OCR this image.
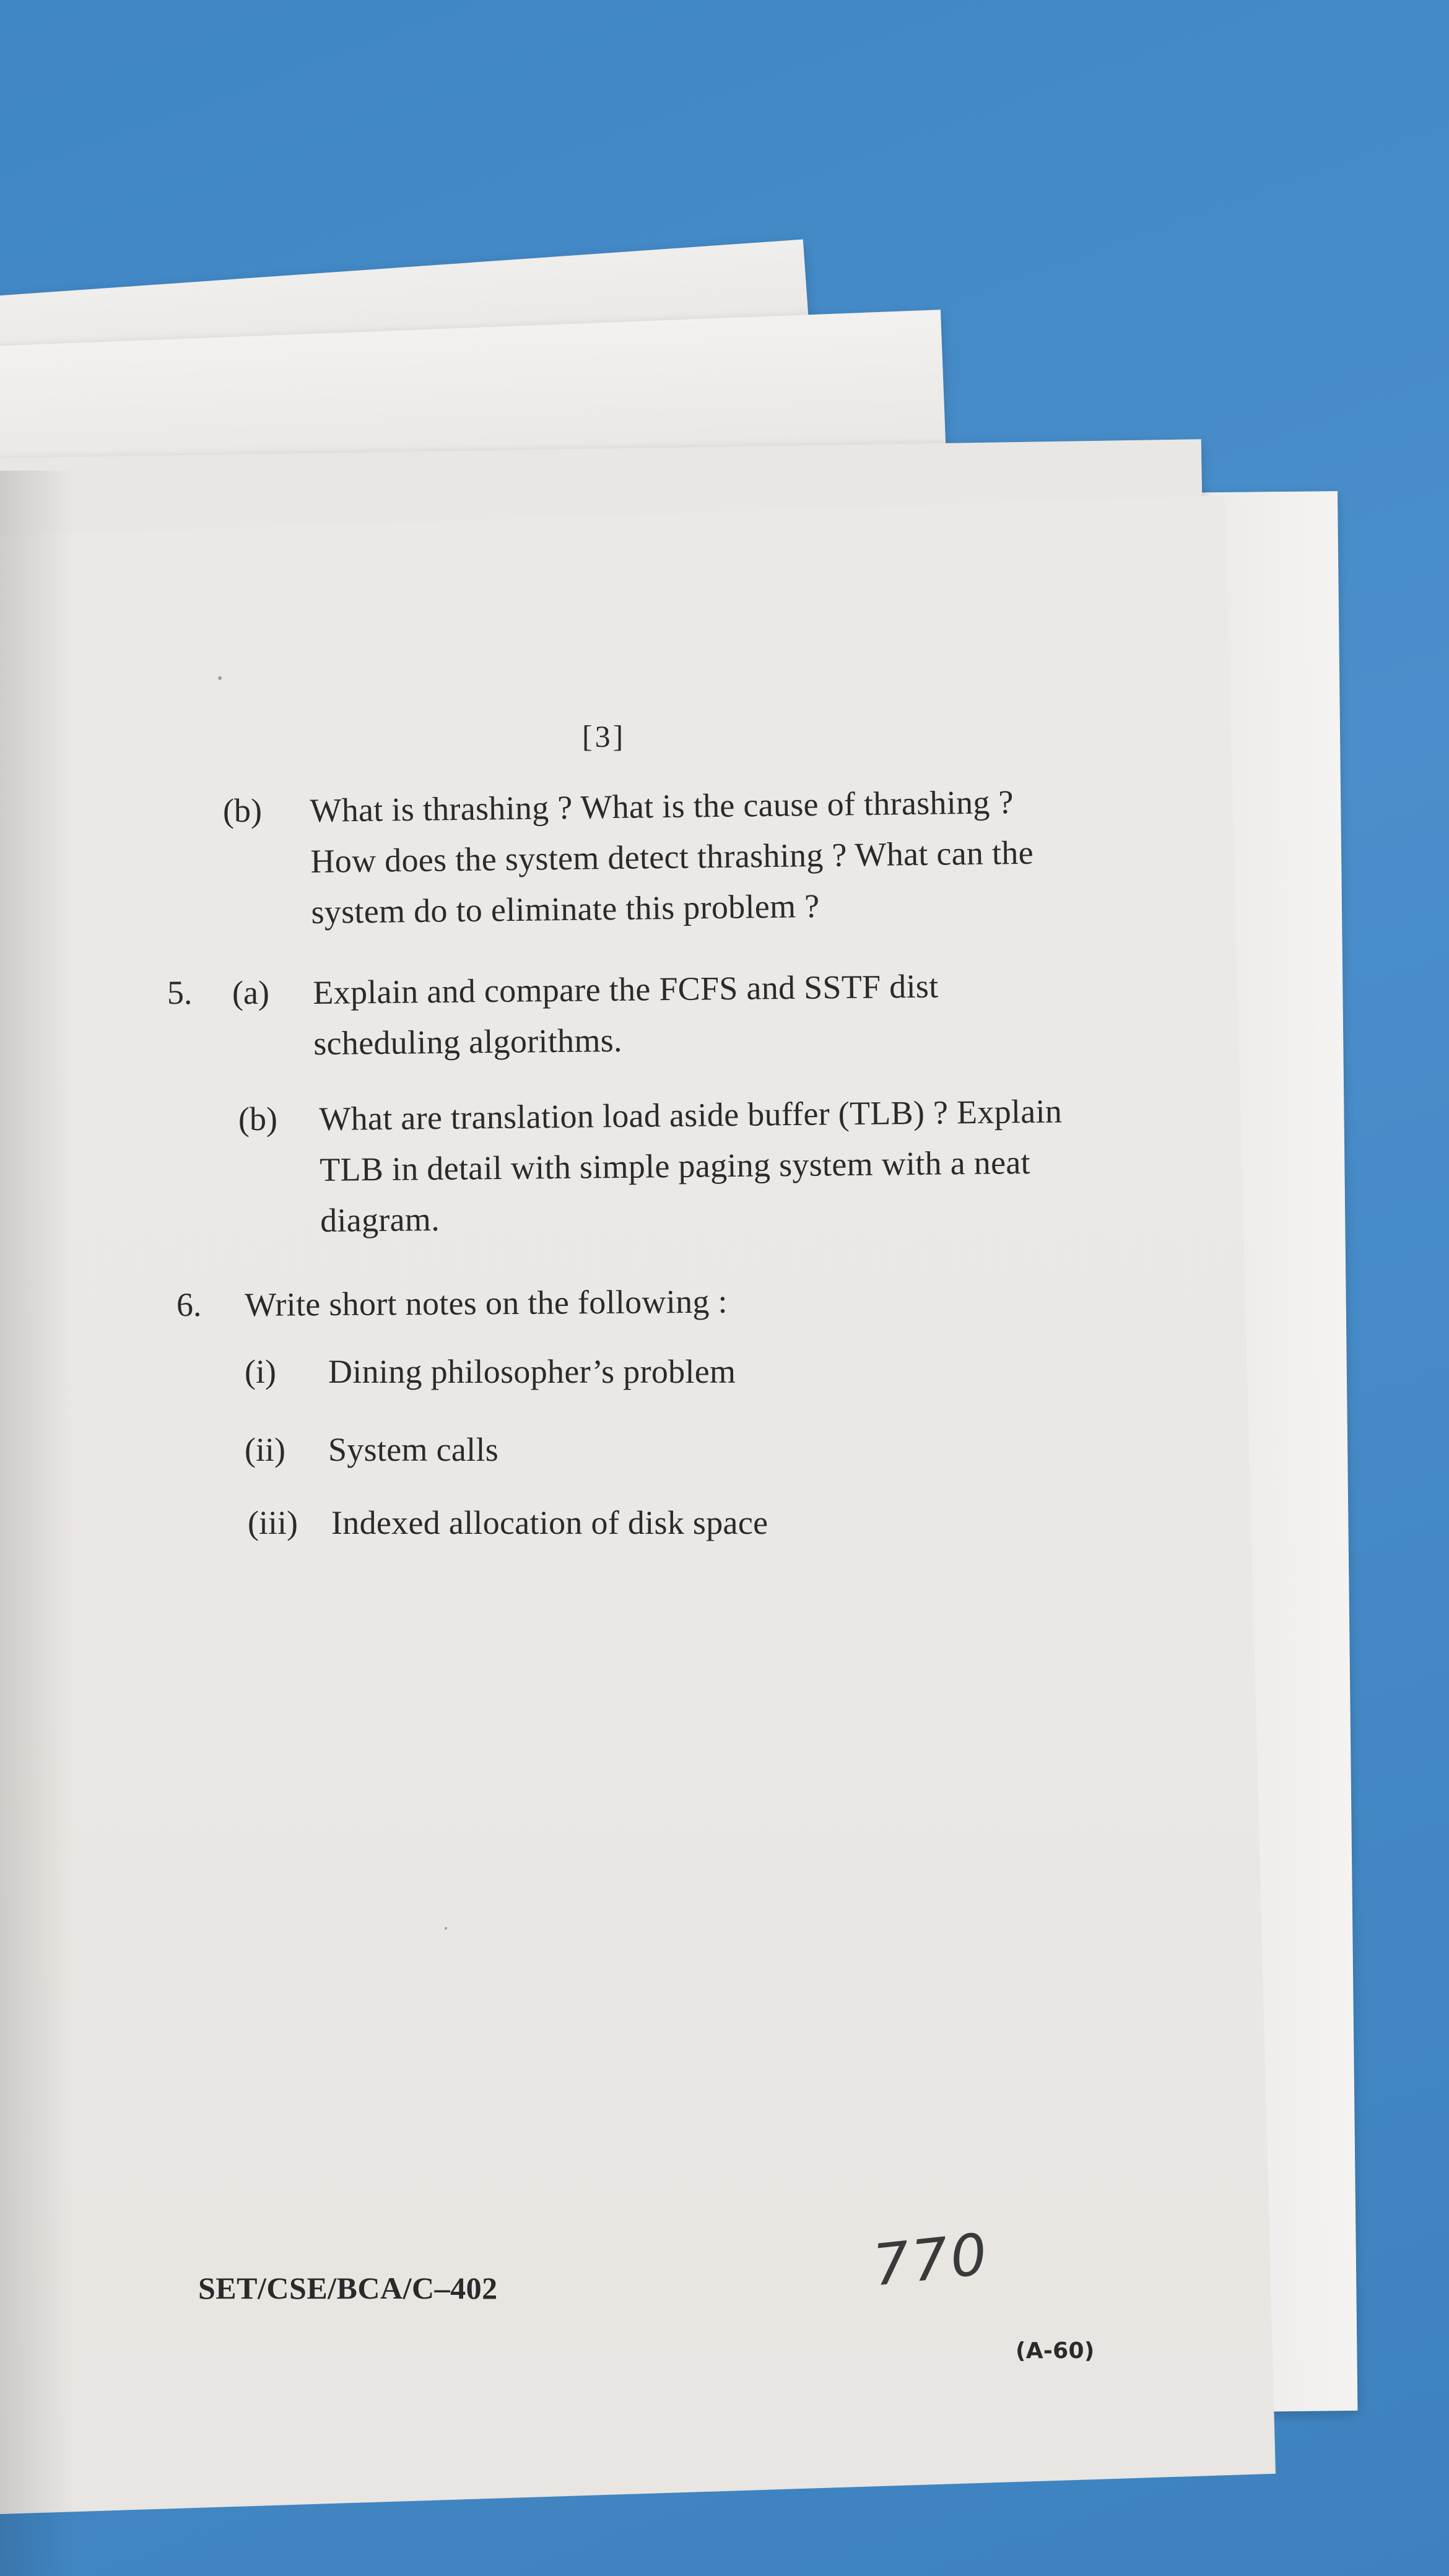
[3]
(b) What is thrashing ? What is the cause of thrashing ? How does the system detect thrashing ? What can the system do to eliminate this problem ?
5. (a) Explain and compare the FCFS and SSTF dist scheduling algorithms.
(b) What are translation load aside buffer (TLB) ? Explain TLB in detail with simple paging system with a neat diagram.
6. Write short notes on the following :
(i) Dining philosopher’s problem
(ii) System calls
(iii) Indexed allocation of disk space
SET/CSE/BCA/C–402	770
(A-60)
